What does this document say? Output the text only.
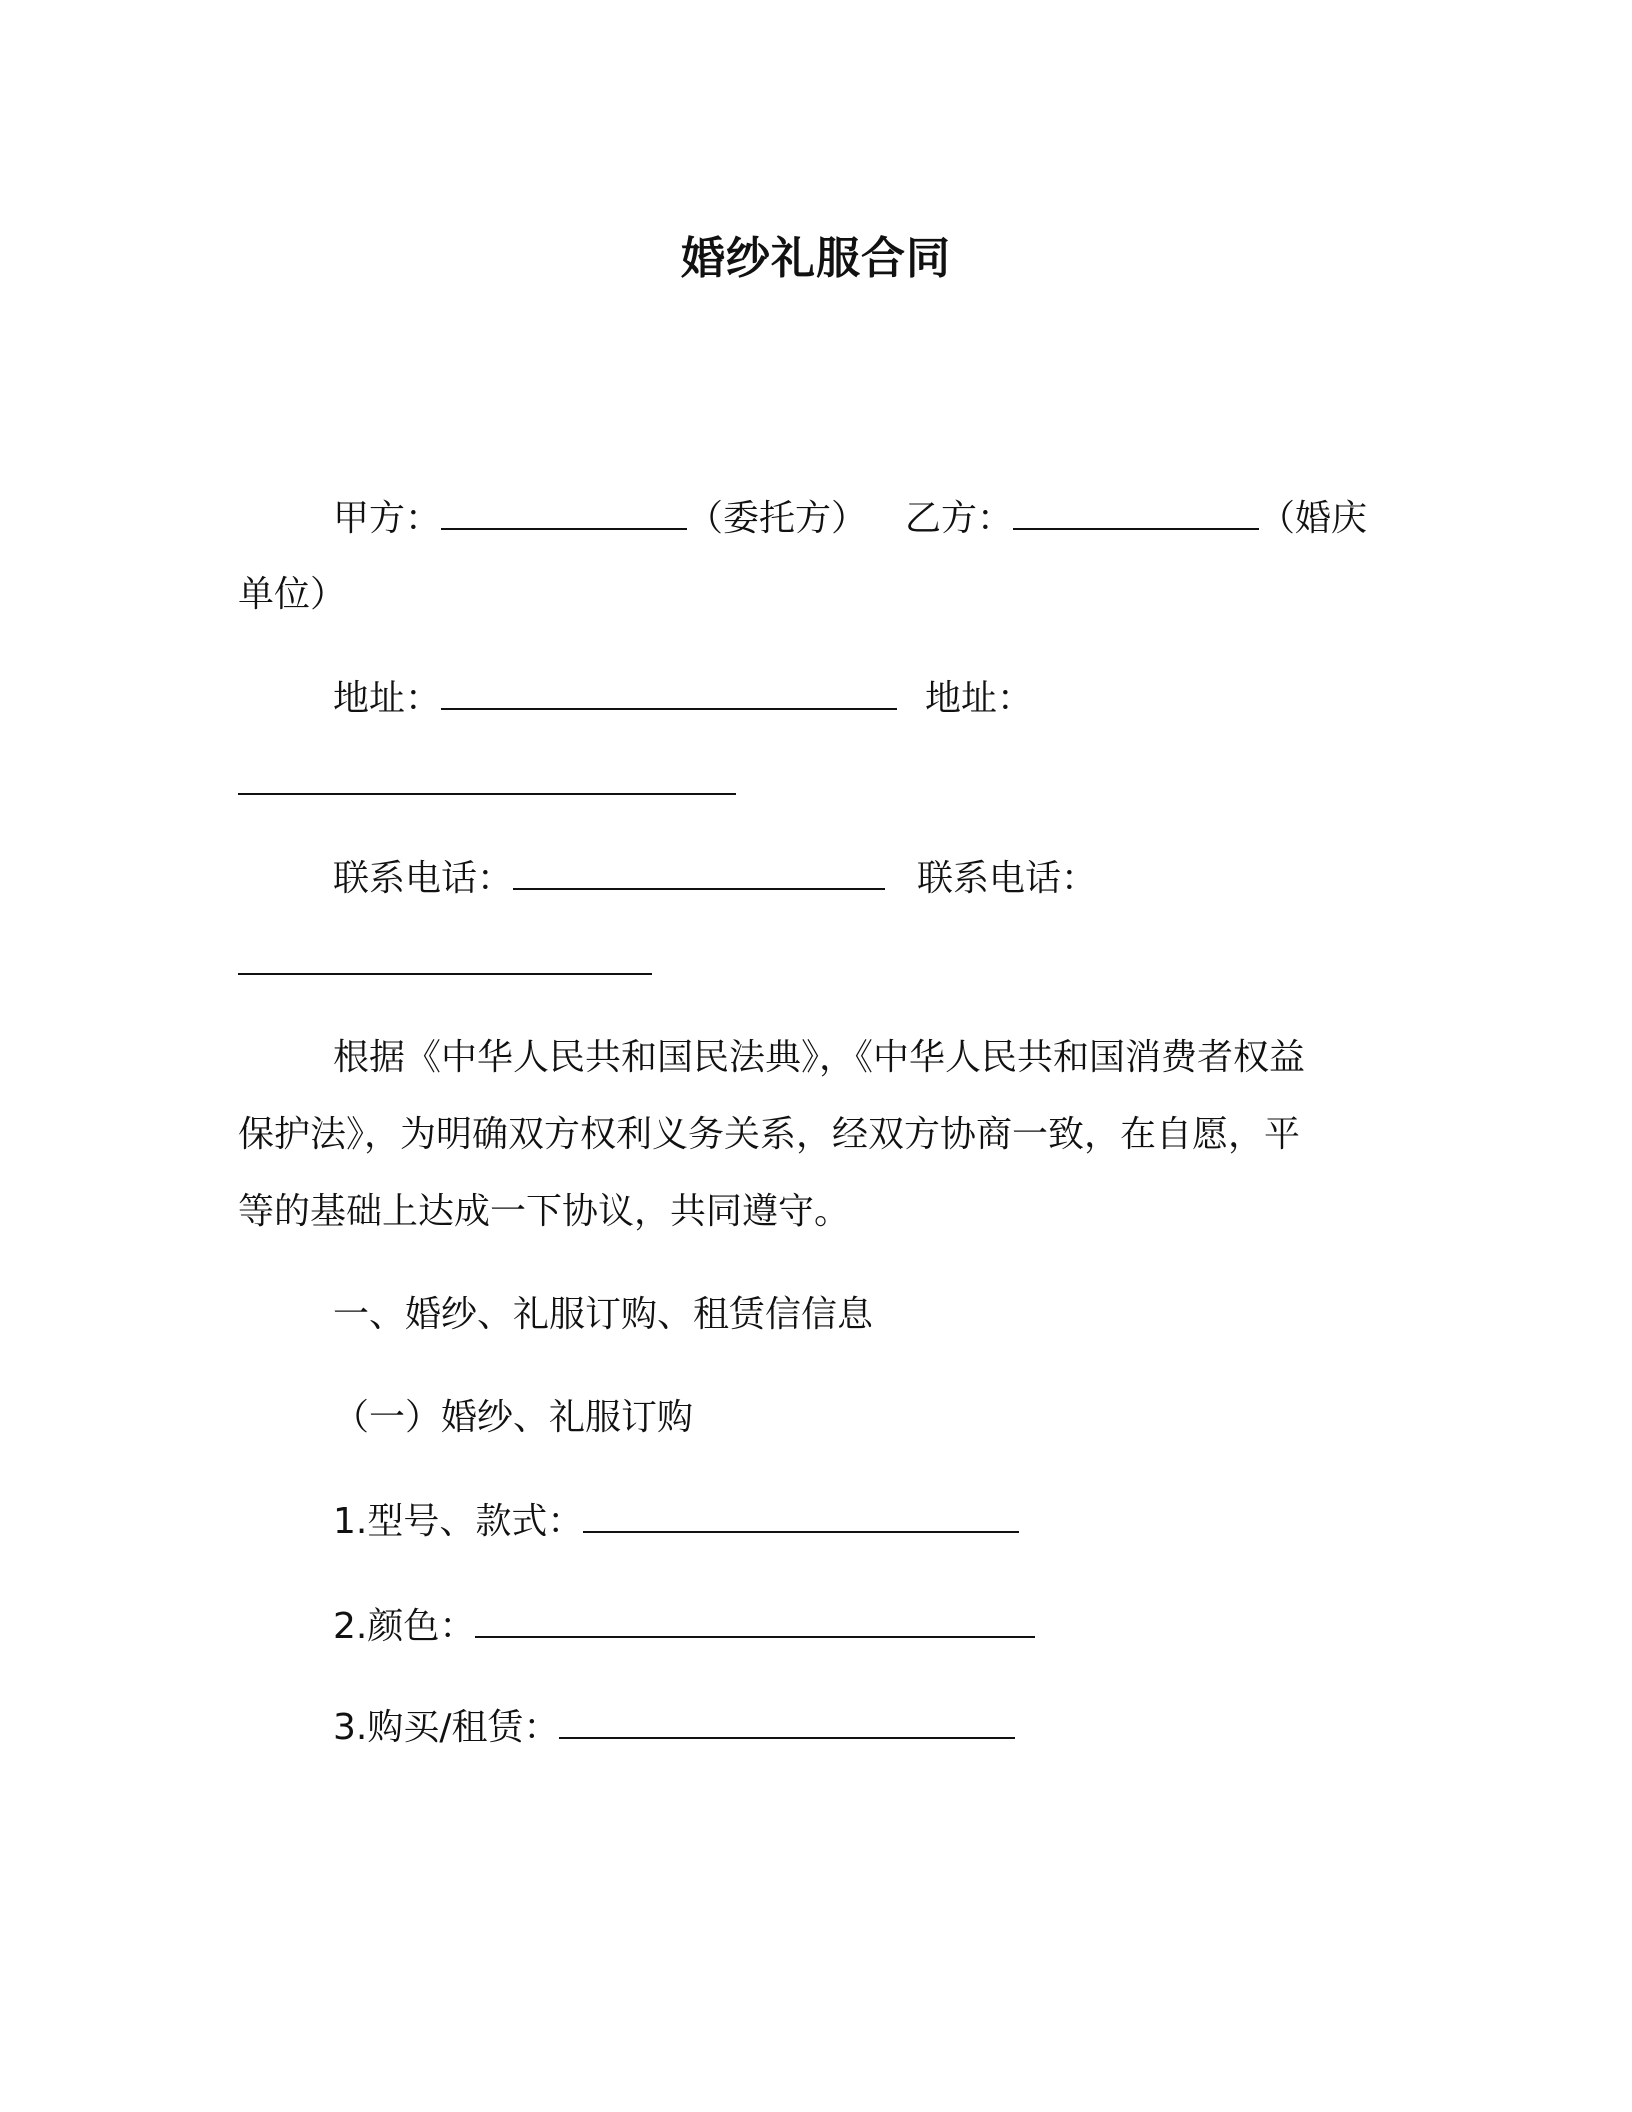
婚纱礼服合同
甲方：	（委托方） 乙方：	（婚庆
单位）
地址：	地址：
联系电话：	联系电话：
根据《中华人民共和国民法典》，《中华人民共和国消费者权益
保护法》，为明确双方权利义务关系，经双方协商一致，在自愿，平
等的基础上达成一下协议，共同遵守。
一、婚纱、礼服订购、租赁信信息
（一）婚纱、礼服订购
1.型号、款式：
2.颜色：
3.购买/租赁：
